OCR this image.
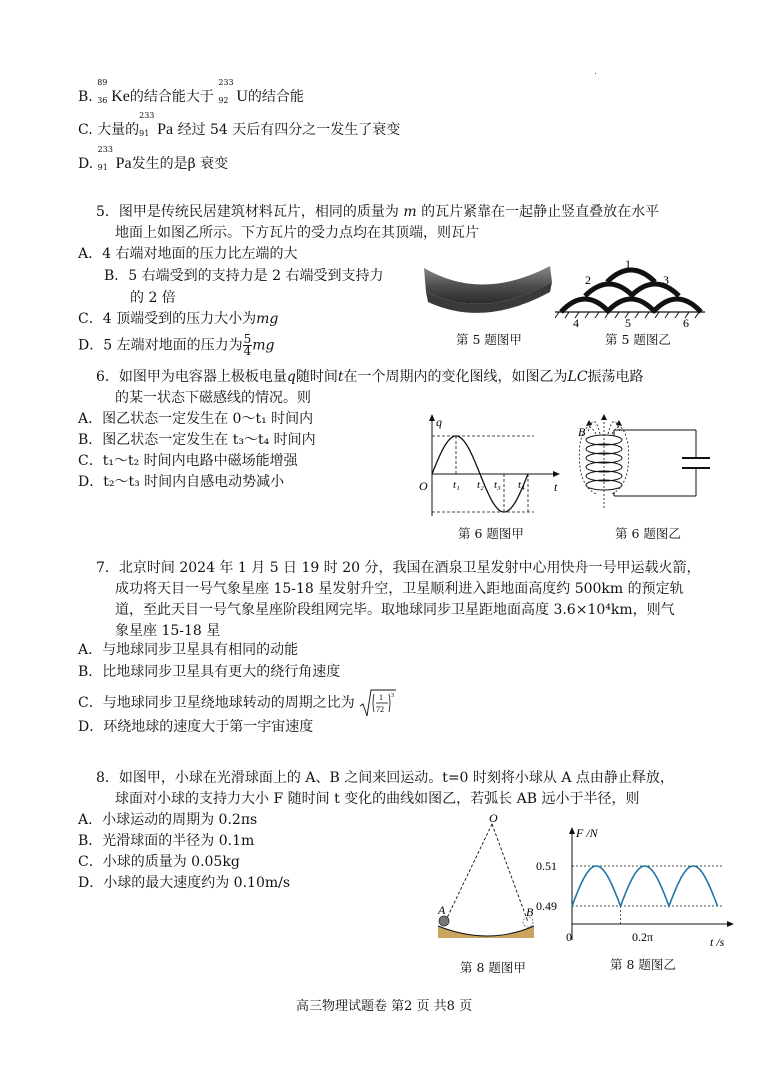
B.
89
36 Ke的结合能大于
233
92 U的结合能
C. 大量的
233
91 Pa 经过 54 天后有四分之一发生了衰变
D.
233
91 Pa发生的是β 衰变
5．图甲是传统民居建筑材料瓦片，相同的质量为 m 的瓦片紧靠在一起静止竖直叠放在水平
地面上如图乙所示。下方瓦片的受力点均在其顶端，则瓦片
A．4 右端对地面的压力比左端的大
B．5 右端受到的支持力是 2 右端受到支持力
的 2 倍
C．4 顶端受到的压力大小为mg
D．5 左端对地面的压力为 $\frac{5}{4}$ mg	第 5 题图甲
1
2	3
4	5	6
第 5 题图乙
6．如图甲为电容器上极板电量q随时间t在一个周期内的变化图线，如图乙为LC振荡电路
的某一状态下磁感线的情况。则
A．图乙状态一定发生在 0～t₁ 时间内
B．图乙状态一定发生在 t₃～t₄ 时间内
C．t₁～t₂ 时间内电路中磁场能增强
D．t₂～t₃ 时间内自感电动势减小
q
O	t
t₁ t₂ t₃ t₄
第 6 题图甲
B
第 6 题图乙
7．北京时间 2024 年 1 月 5 日 19 时 20 分，我国在酒泉卫星发射中心用快舟一号甲运载火箭，
成功将天目一号气象星座 15-18 星发射升空，卫星顺利进入距地面高度约 500km 的预定轨
道，至此天目一号气象星座阶段组网完毕。取地球同步卫星距地面高度 3.6×10⁴km，则气
象星座 15-18 星
A．与地球同步卫星具有相同的动能
B．比地球同步卫星具有更大的绕行角速度
C．与地球同步卫星绕地球转动的周期之比为	1
72
3
D．环绕地球的速度大于第一宇宙速度
8．如图甲，小球在光滑球面上的 A、B 之间来回运动。t=0 时刻将小球从 A 点由静止释放，
球面对小球的支持力大小 F 随时间 t 变化的曲线如图乙，若弧长 AB 远小于半径，则
A．小球运动的周期为 0.2πs
B．光滑球面的半径为 0.1m
C．小球的质量为 0.05kg
D．小球的最大速度约为 0.10m/s
O
A	B
第 8 题图甲
F /N
0.51
0.49
0	0.2π	t /s
第 8 题图乙
高三物理试题卷 第2 页 共8 页
·
